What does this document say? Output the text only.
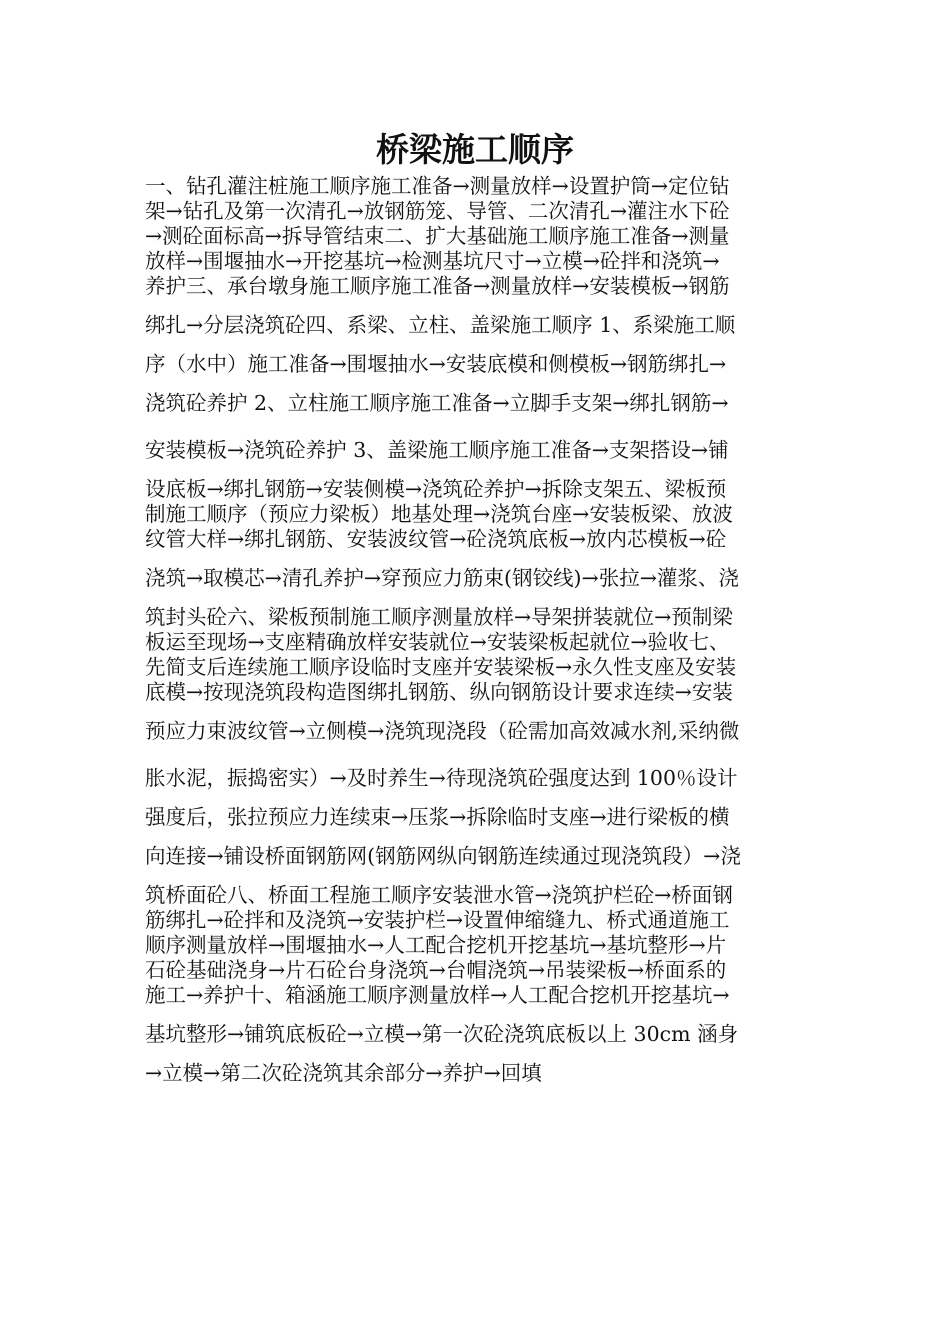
桥梁施工顺序
一、钻孔灌注桩施工顺序施工准备→测量放样→设置护筒→定位钻
架→钻孔及第一次清孔→放钢筋笼、导管、二次清孔→灌注水下砼
→测砼面标高→拆导管结束二、扩大基础施工顺序施工准备→测量
放样→围堰抽水→开挖基坑→检测基坑尺寸→立模→砼拌和浇筑→
养护三、承台墩身施工顺序施工准备→测量放样→安装模板→钢筋
绑扎→分层浇筑砼四、系梁、立柱、盖梁施工顺序 1、系梁施工顺
序（水中）施工准备→围堰抽水→安装底模和侧模板→钢筋绑扎→
浇筑砼养护 2、立柱施工顺序施工准备→立脚手支架→绑扎钢筋→
安装模板→浇筑砼养护 3、盖梁施工顺序施工准备→支架搭设→铺
设底板→绑扎钢筋→安装侧模→浇筑砼养护→拆除支架五、梁板预
制施工顺序（预应力梁板）地基处理→浇筑台座→安装板梁、放波
纹管大样→绑扎钢筋、安装波纹管→砼浇筑底板→放内芯模板→砼
浇筑→取模芯→清孔养护→穿预应力筋束(钢铰线)→张拉→灌浆、浇
筑封头砼六、梁板预制施工顺序测量放样→导架拼装就位→预制梁
板运至现场→支座精确放样安装就位→安装梁板起就位→验收七、
先简支后连续施工顺序设临时支座并安装梁板→永久性支座及安装
底模→按现浇筑段构造图绑扎钢筋、纵向钢筋设计要求连续→安装
预应力束波纹管→立侧模→浇筑现浇段（砼需加高效减水剂,采纳微
胀水泥，振捣密实）→及时养生→待现浇筑砼强度达到 100％设计
强度后，张拉预应力连续束→压浆→拆除临时支座→进行梁板的横
向连接→铺设桥面钢筋网(钢筋网纵向钢筋连续通过现浇筑段）→浇
筑桥面砼八、桥面工程施工顺序安装泄水管→浇筑护栏砼→桥面钢
筋绑扎→砼拌和及浇筑→安装护栏→设置伸缩缝九、桥式通道施工
顺序测量放样→围堰抽水→人工配合挖机开挖基坑→基坑整形→片
石砼基础浇身→片石砼台身浇筑→台帽浇筑→吊装梁板→桥面系的
施工→养护十、箱涵施工顺序测量放样→人工配合挖机开挖基坑→
基坑整形→铺筑底板砼→立模→第一次砼浇筑底板以上 30cm 涵身
→立模→第二次砼浇筑其余部分→养护→回填
